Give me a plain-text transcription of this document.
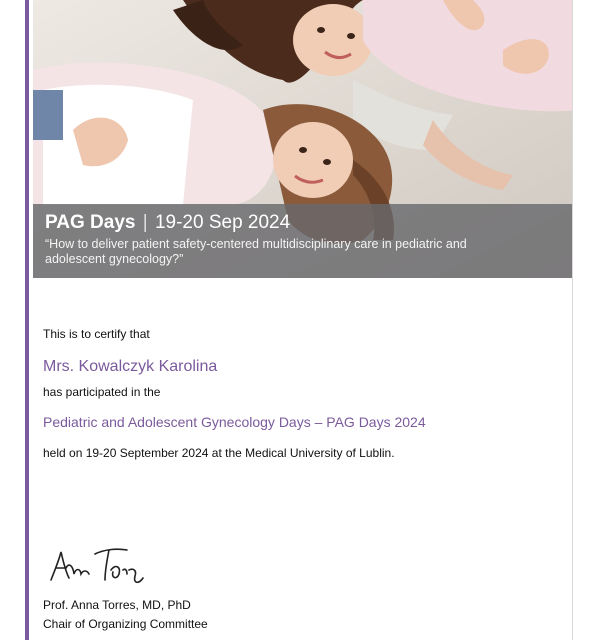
PAG Days | 19-20 Sep 2024
“How to deliver patient safety-centered multidisciplinary care in pediatric and adolescent gynecology?”
This is to certify that
Mrs. Kowalczyk Karolina
has participated in the
Pediatric and Adolescent Gynecology Days – PAG Days 2024
held on 19-20 September 2024 at the Medical University of Lublin.
Prof. Anna Torres, MD, PhD
Chair of Organizing Committee
